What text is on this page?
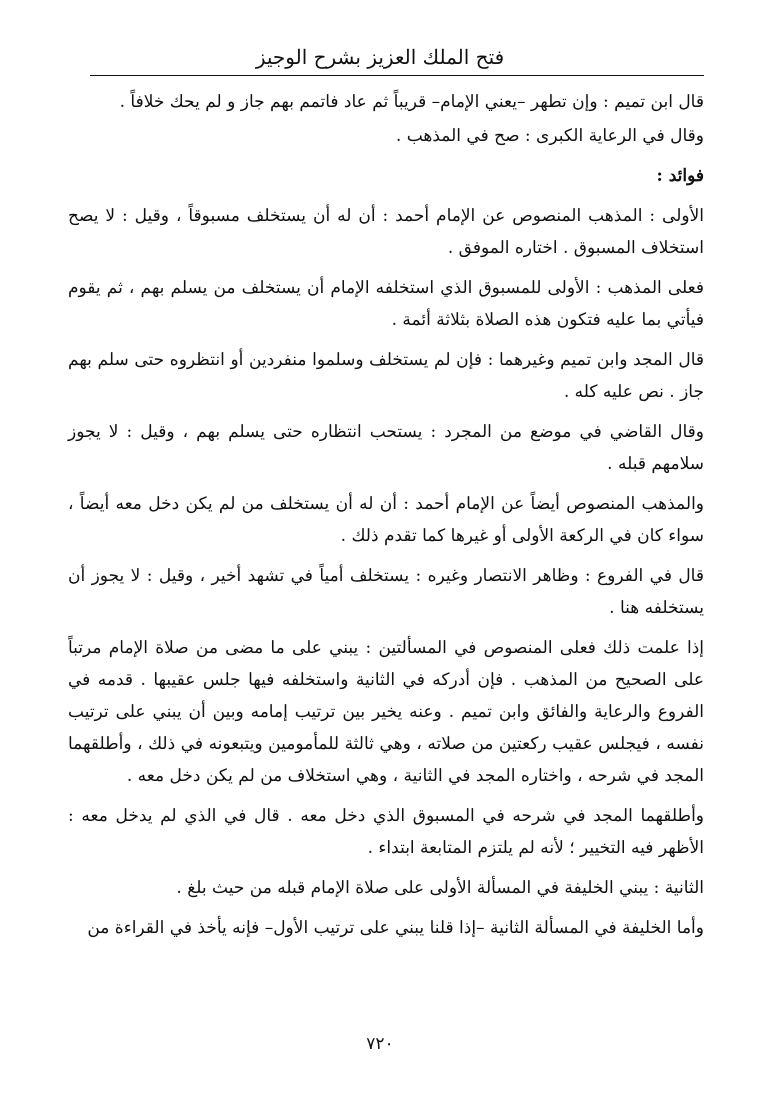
فتح الملك العزيز بشرح الوجيز

قال ابن تميم : وإن تطهر –يعني الإمام– قريباً ثم عاد فاتمم بهم جاز و لم يحك خلافاً .

وقال في الرعاية الكبرى : صح في المذهب .

فوائد :

الأولى : المذهب المنصوص عن الإمام أحمد : أن له أن يستخلف مسبوقاً ، وقيل : لا يصح استخلاف المسبوق . اختاره الموفق .

فعلى المذهب : الأولى للمسبوق الذي استخلفه الإمام أن يستخلف من يسلم بهم ، ثم يقوم فيأتي بما عليه فتكون هذه الصلاة بثلاثة أئمة .

قال المجد وابن تميم وغيرهما : فإن لم يستخلف وسلموا منفردين أو انتظروه حتى سلم بهم جاز . نص عليه كله .

وقال القاضي في موضع من المجرد : يستحب انتظاره حتى يسلم بهم ، وقيل : لا يجوز سلامهم قبله .

والمذهب المنصوص أيضاً عن الإمام أحمد : أن له أن يستخلف من لم يكن دخل معه أيضاً ، سواء كان في الركعة الأولى أو غيرها كما تقدم ذلك .

قال في الفروع : وظاهر الانتصار وغيره : يستخلف أمياً في تشهد أخير ، وقيل : لا يجوز أن يستخلفه هنا .

إذا علمت ذلك فعلى المنصوص في المسألتين : يبني على ما مضى من صلاة الإمام مرتباً على الصحيح من المذهب . فإن أدركه في الثانية واستخلفه فيها جلس عقيبها . قدمه في الفروع والرعاية والفائق وابن تميم . وعنه يخير بين ترتيب إمامه وبين أن يبني على ترتيب نفسه ، فيجلس عقيب ركعتين من صلاته ، وهي ثالثة للمأمومين ويتبعونه في ذلك ، وأطلقهما المجد في شرحه ، واختاره المجد في الثانية ، وهي استخلاف من لم يكن دخل معه .

وأطلقهما المجد في شرحه في المسبوق الذي دخل معه . قال في الذي لم يدخل معه : الأظهر فيه التخيير ؛ لأنه لم يلتزم المتابعة ابتداء .

الثانية : يبني الخليفة في المسألة الأولى على صلاة الإمام قبله من حيث بلغ .

وأما الخليفة في المسألة الثانية –إذا قلنا يبني على ترتيب الأول– فإنه يأخذ في القراءة من

٧٢٠
